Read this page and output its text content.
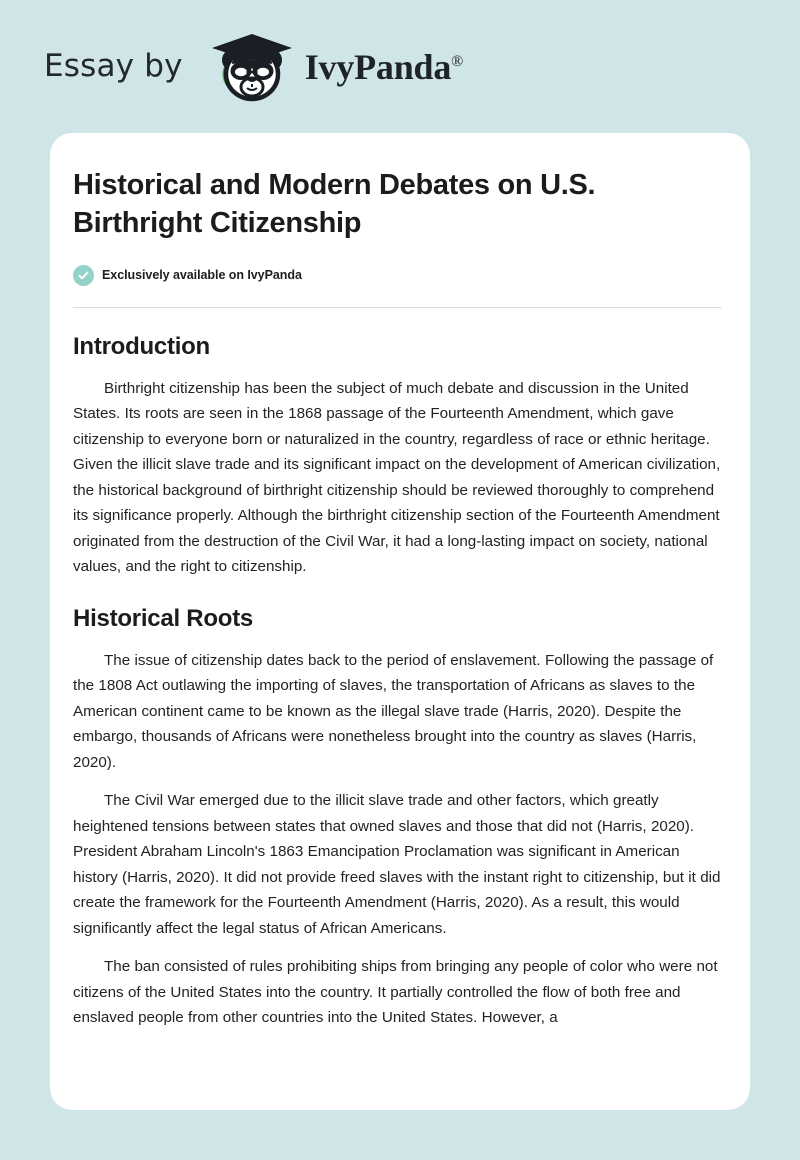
Essay by	IvyPanda®
Historical and Modern Debates on U.S. Birthright Citizenship
Exclusively available on IvyPanda
Introduction

Birthright citizenship has been the subject of much debate and discussion in the United States. Its roots are seen in the 1868 passage of the Fourteenth Amendment, which gave citizenship to everyone born or naturalized in the country, regardless of race or ethnic heritage. Given the illicit slave trade and its significant impact on the development of American civilization, the historical background of birthright citizenship should be reviewed thoroughly to comprehend its significance properly. Although the birthright citizenship section of the Fourteenth Amendment originated from the destruction of the Civil War, it had a long-lasting impact on society, national values, and the right to citizenship.

Historical Roots

The issue of citizenship dates back to the period of enslavement. Following the passage of the 1808 Act outlawing the importing of slaves, the transportation of Africans as slaves to the American continent came to be known as the illegal slave trade (Harris, 2020). Despite the embargo, thousands of Africans were nonetheless brought into the country as slaves (Harris, 2020).

The Civil War emerged due to the illicit slave trade and other factors, which greatly heightened tensions between states that owned slaves and those that did not (Harris, 2020). President Abraham Lincoln's 1863 Emancipation Proclamation was significant in American history (Harris, 2020). It did not provide freed slaves with the instant right to citizenship, but it did create the framework for the Fourteenth Amendment (Harris, 2020). As a result, this would significantly affect the legal status of African Americans.

The ban consisted of rules prohibiting ships from bringing any people of color who were not citizens of the United States into the country. It partially controlled the flow of both free and enslaved people from other countries into the United States. However, a
